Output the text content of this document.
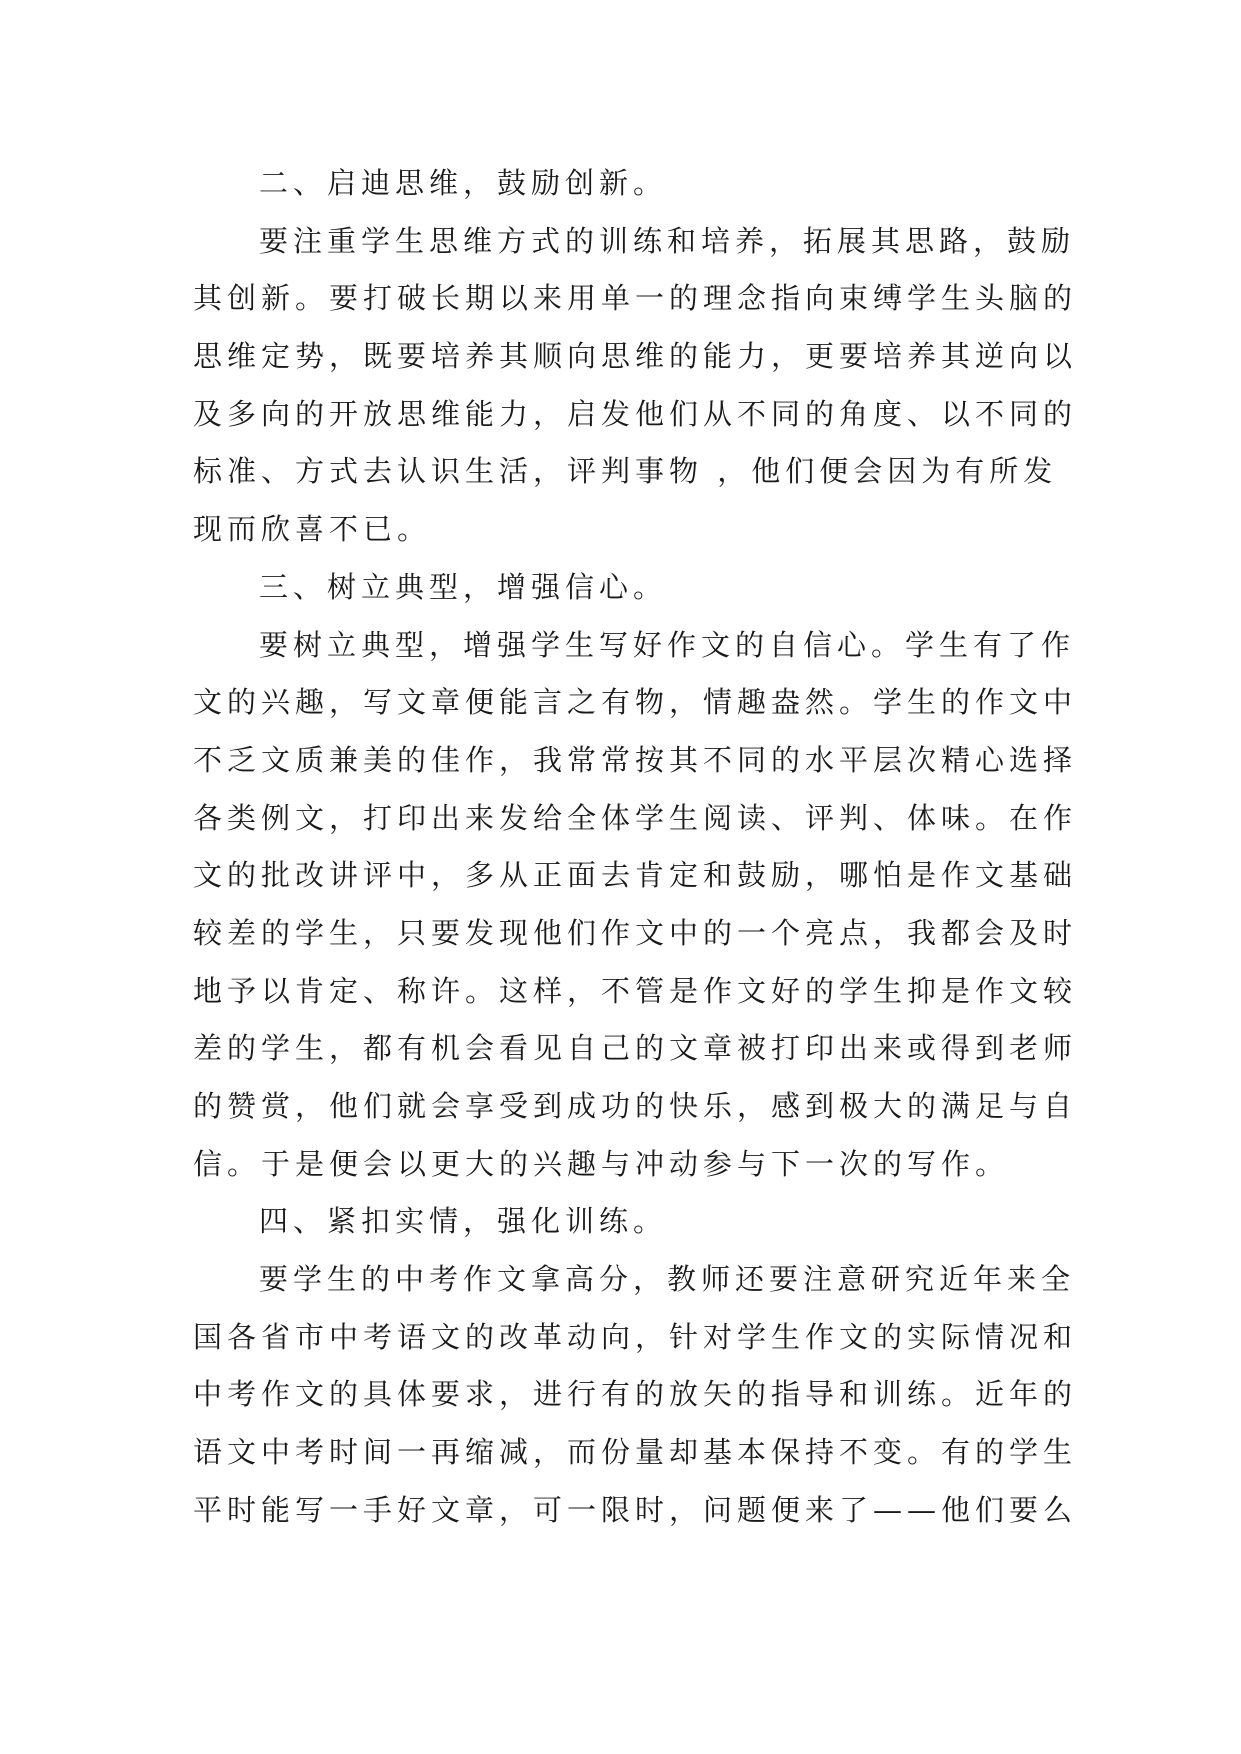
二、启迪思维，鼓励创新。
要注重学生思维方式的训练和培养，拓展其思路，鼓励
其创新。要打破长期以来用单一的理念指向束缚学生头脑的
思维定势，既要培养其顺向思维的能力，更要培养其逆向以
及多向的开放思维能力，启发他们从不同的角度、以不同的
标准、方式去认识生活，评判事物 ，他们便会因为有所发
现而欣喜不已。
三、树立典型，增强信心。
要树立典型，增强学生写好作文的自信心。学生有了作
文的兴趣，写文章便能言之有物，情趣盎然。学生的作文中
不乏文质兼美的佳作，我常常按其不同的水平层次精心选择
各类例文，打印出来发给全体学生阅读、评判、体味。在作
文的批改讲评中，多从正面去肯定和鼓励，哪怕是作文基础
较差的学生，只要发现他们作文中的一个亮点，我都会及时
地予以肯定、称许。这样，不管是作文好的学生抑是作文较
差的学生，都有机会看见自己的文章被打印出来或得到老师
的赞赏，他们就会享受到成功的快乐，感到极大的满足与自
信。于是便会以更大的兴趣与冲动参与下一次的写作。
四、紧扣实情，强化训练。
要学生的中考作文拿高分，教师还要注意研究近年来全
国各省市中考语文的改革动向，针对学生作文的实际情况和
中考作文的具体要求，进行有的放矢的指导和训练。近年的
语文中考时间一再缩减，而份量却基本保持不变。有的学生
平时能写一手好文章，可一限时，问题便来了——他们要么
